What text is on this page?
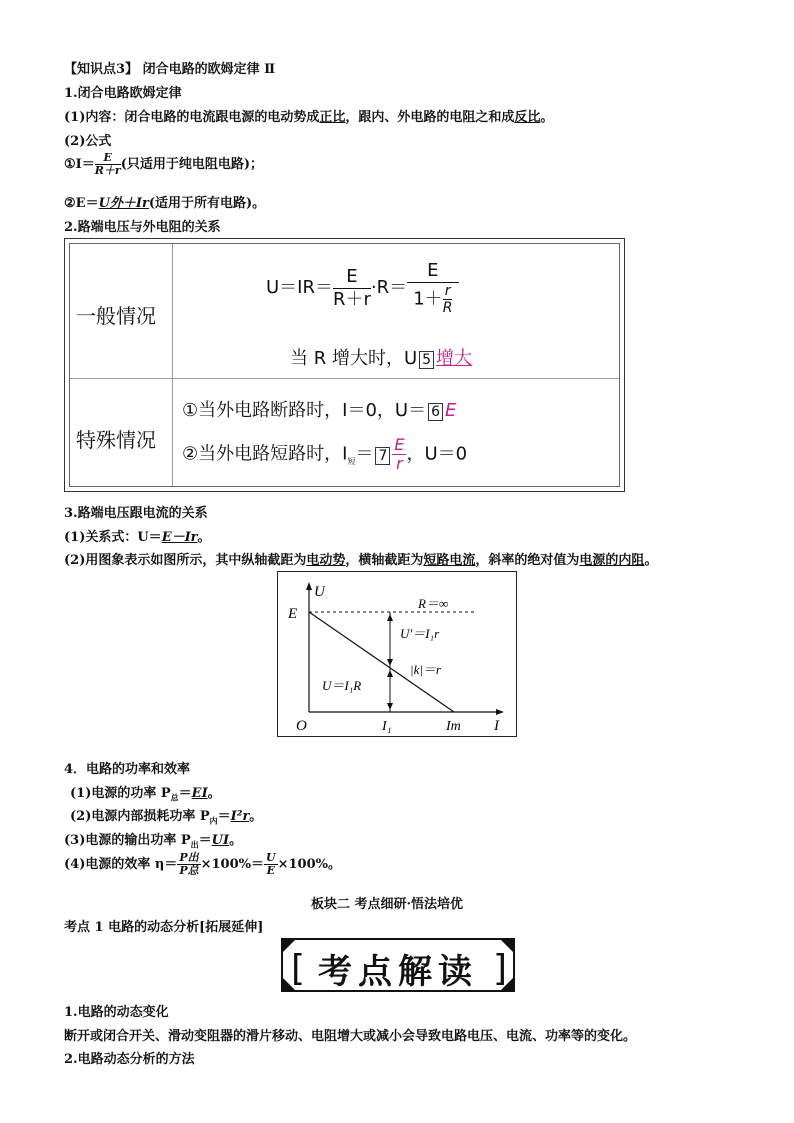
【知识点3】 闭合电路的欧姆定律 Ⅱ
1.闭合电路欧姆定律
(1)内容：闭合电路的电流跟电源的电动势成正比，跟内、外电路的电阻之和成反比。
(2)公式
①I＝ $\frac{E}{R+r}$ (只适用于纯电阻电路)；
②E＝U外＋Ir(适用于所有电路)。
2.路端电压与外电阻的关系
一般情况
特殊情况
$U=IR= \frac{E}{R+r} \cdot R= \frac{E}{1+ \frac{r}{R}}$
当 R 增大时，U 5 增大
①当外电路断路时，I＝0，U＝ 6 E
②当外电路短路时，$I_短= 7 \frac{E}{r}$ ，U＝0
3.路端电压跟电流的关系
(1)关系式：U＝E－Ir。
(2)用图象表示如图所示，其中纵轴截距为电动势，横轴截距为短路电流，斜率的绝对值为电源的内阻。
U
I
O
E
R＝∞
U′＝I₁r
|k|＝r
U＝I₁R
I₁	Im
4．电路的功率和效率
(1)电源的功率 $P_总=EI$。
(2)电源内部损耗功率 $P_内=I^2r$。
(3)电源的输出功率 $P_出=UI$。
(4)电源的效率 $\eta= \frac{\text{P出}}{\text{P总}} \times 100\%= \frac{U}{E} \times 100\%$。
板块二 考点细研·悟法培优
考点 1 电路的动态分析[拓展延伸]
[	]
考点解读
1.电路的动态变化
断开或闭合开关、滑动变阻器的滑片移动、电阻增大或减小会导致电路电压、电流、功率等的变化。
2.电路动态分析的方法
